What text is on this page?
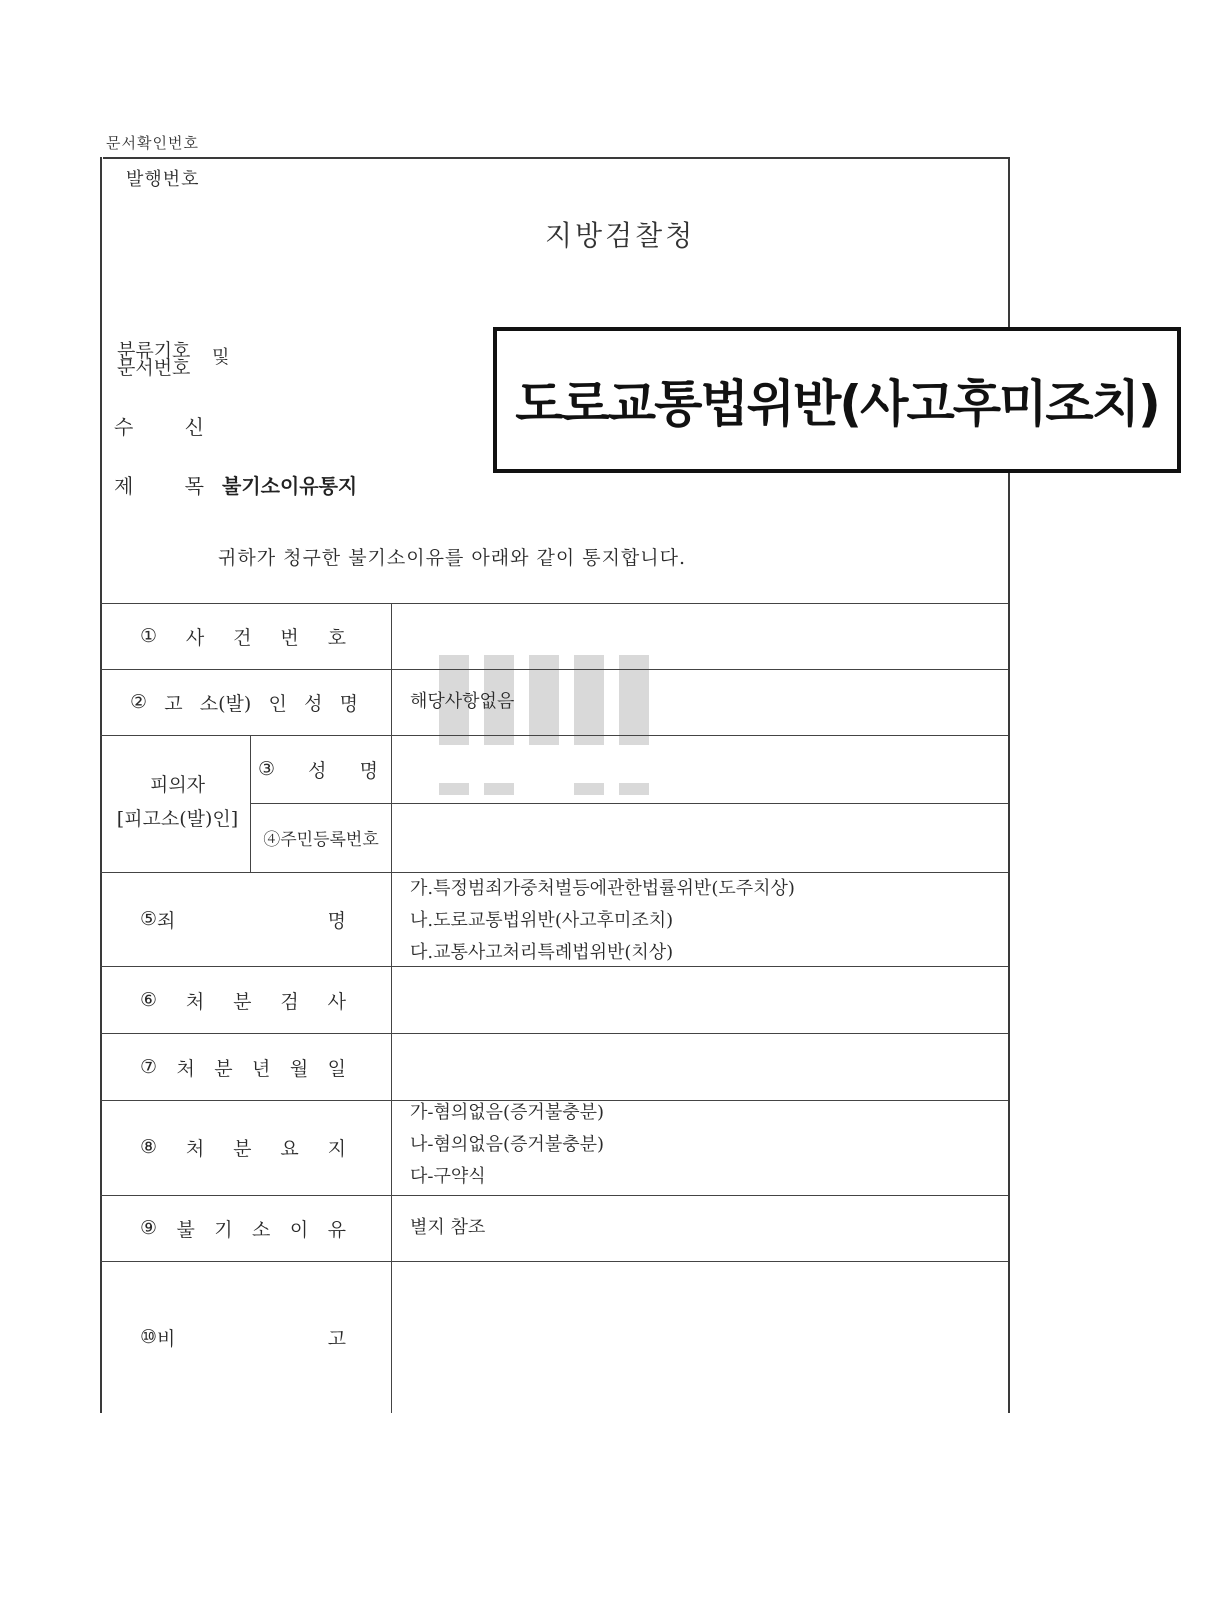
문서확인번호
발행번호
지방검찰청
분류기호
문서번호 및
수	신
제	목 불기소이유통지
귀하가 청구한 불기소이유를 아래와 같이 통지합니다.
① 사 건 번 호
② 고 소(발) 인 성 명	해당사항없음
피의자
[피고소(발)인]
③ 성 명
④주민등록번호
⑤ 죄	명
가.특정범죄가중처벌등에관한법률위반(도주치상)
나.도로교통법위반(사고후미조치)
다.교통사고처리특례법위반(치상)
⑥ 처 분 검 사
⑦ 처 분 년 월 일
⑧ 처 분 요 지
가-혐의없음(증거불충분)
나-혐의없음(증거불충분)
다-구약식
⑨ 불 기 소 이 유	별지 참조
⑩ 비	고
도로교통법위반(사고후미조치)
